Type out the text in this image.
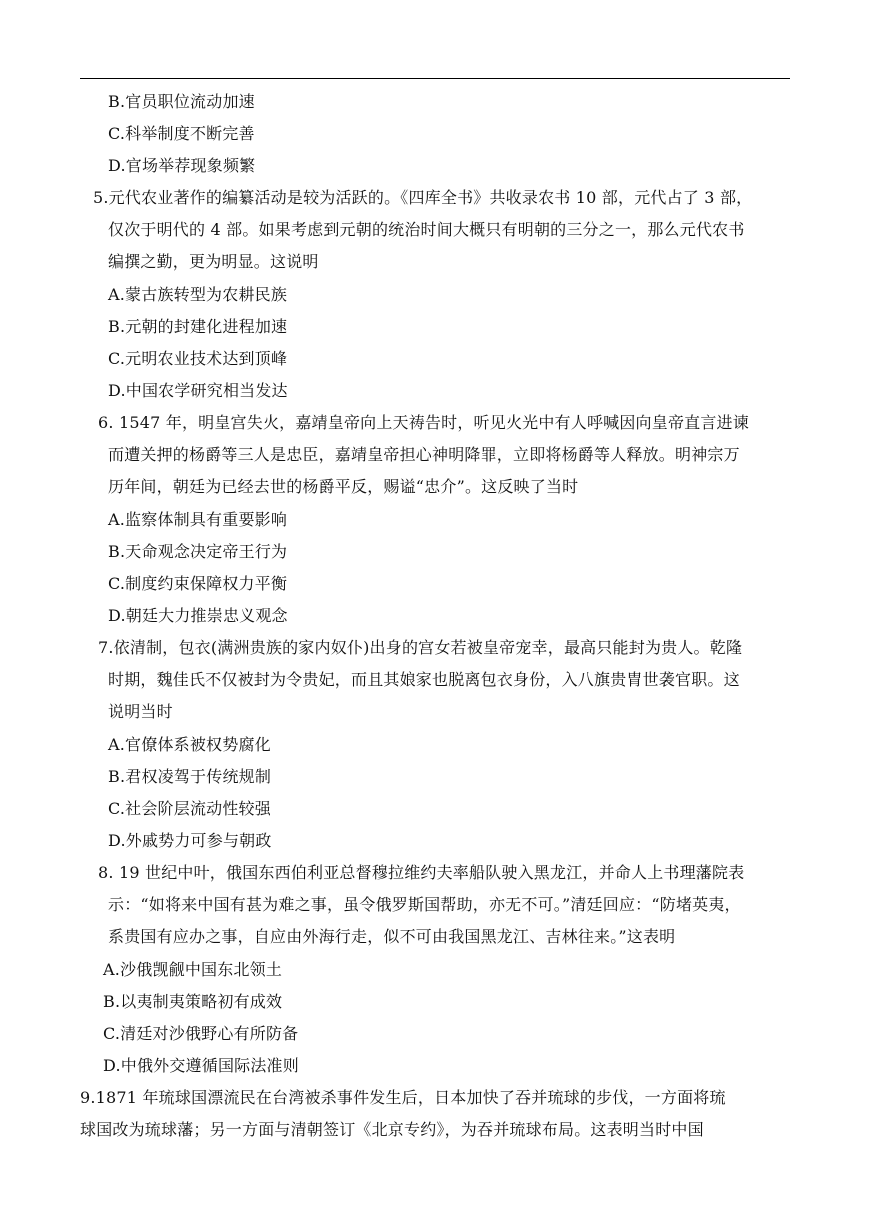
B.官员职位流动加速
C.科举制度不断完善
D.官场举荐现象频繁
5.元代农业著作的编纂活动是较为活跃的。《四库全书》共收录农书 10 部，元代占了 3 部，
仅次于明代的 4 部。如果考虑到元朝的统治时间大概只有明朝的三分之一，那么元代农书
编撰之勤，更为明显。这说明
A.蒙古族转型为农耕民族
B.元朝的封建化进程加速
C.元明农业技术达到顶峰
D.中国农学研究相当发达
6. 1547 年，明皇宫失火，嘉靖皇帝向上天祷告时，听见火光中有人呼喊因向皇帝直言进谏
而遭关押的杨爵等三人是忠臣，嘉靖皇帝担心神明降罪，立即将杨爵等人释放。明神宗万
历年间，朝廷为已经去世的杨爵平反，赐谥“忠介”。这反映了当时
A.监察体制具有重要影响
B.天命观念决定帝王行为
C.制度约束保障权力平衡
D.朝廷大力推崇忠义观念
7.依清制，包衣(满洲贵族的家内奴仆)出身的宫女若被皇帝宠幸，最高只能封为贵人。乾隆
时期，魏佳氏不仅被封为令贵妃，而且其娘家也脱离包衣身份，入八旗贵胄世袭官职。这
说明当时
A.官僚体系被权势腐化
B.君权凌驾于传统规制
C.社会阶层流动性较强
D.外戚势力可参与朝政
8. 19 世纪中叶，俄国东西伯利亚总督穆拉维约夫率船队驶入黑龙江，并命人上书理藩院表
示：“如将来中国有甚为难之事，虽令俄罗斯国帮助，亦无不可。”清廷回应：“防堵英夷，
系贵国有应办之事，自应由外海行走，似不可由我国黑龙江、吉林往来。”这表明
A.沙俄觊觎中国东北领土
B.以夷制夷策略初有成效
C.清廷对沙俄野心有所防备
D.中俄外交遵循国际法准则
9.1871 年琉球国漂流民在台湾被杀事件发生后，日本加快了吞并琉球的步伐，一方面将琉
球国改为琉球藩；另一方面与清朝签订《北京专约》，为吞并琉球布局。这表明当时中国
